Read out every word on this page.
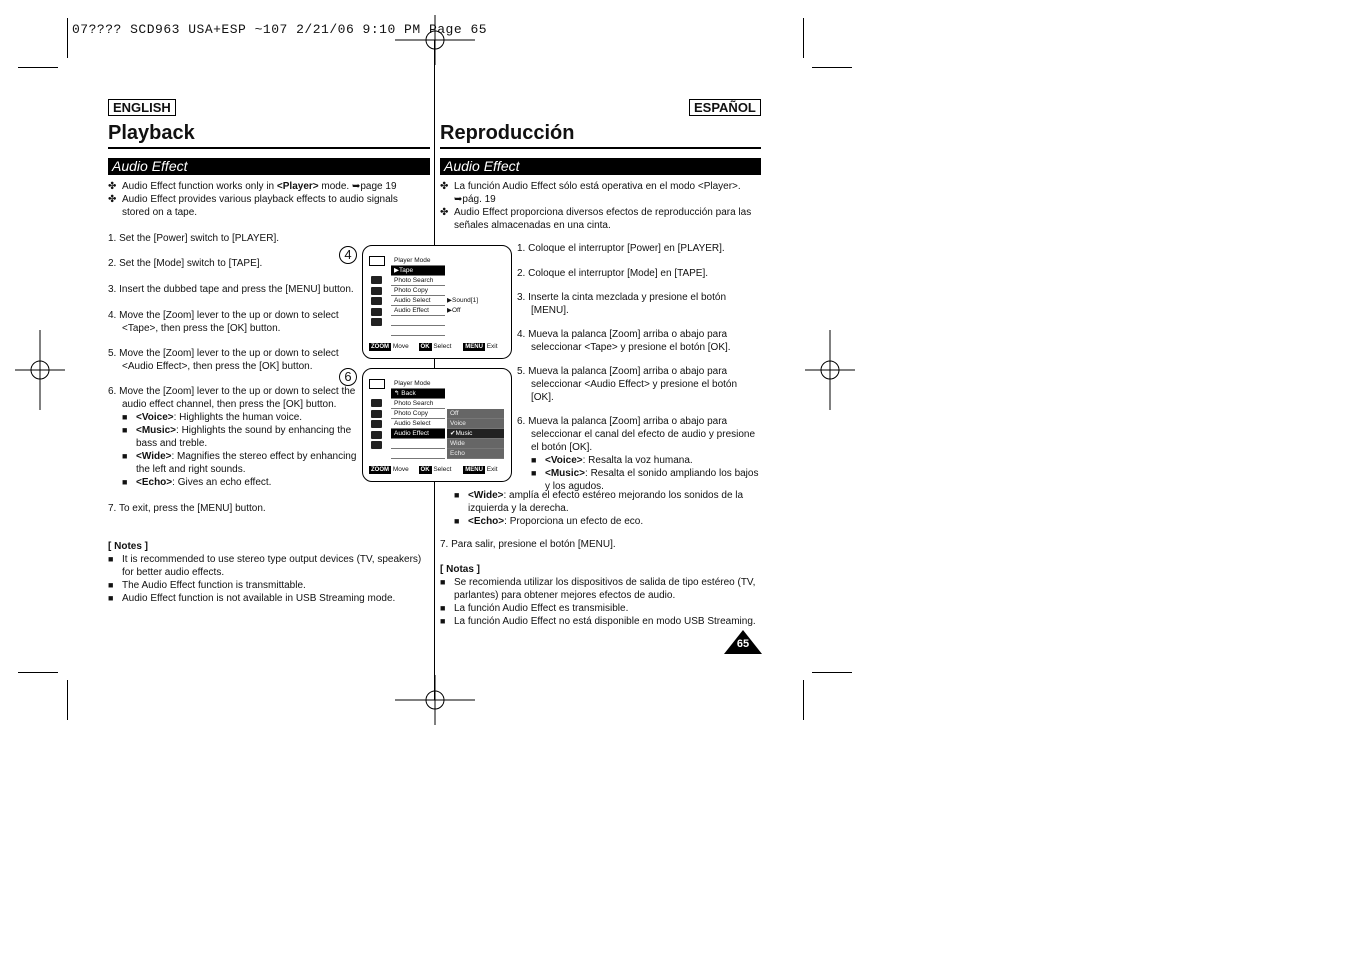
07???? SCD963 USA+ESP ~107 2/21/06 9:10 PM Page 65
ENGLISH
Playback
Audio Effect
✤ Audio Effect function works only in <Player> mode. ➥page 19
✤ Audio Effect provides various playback effects to audio signals stored on a tape.
1. Set the [Power] switch to [PLAYER].
2. Set the [Mode] switch to [TAPE].
3. Insert the dubbed tape and press the [MENU] button.
4. Move the [Zoom] lever to the up or down to select <Tape>, then press the [OK] button.
5. Move the [Zoom] lever to the up or down to select <Audio Effect>, then press the [OK] button.
6. Move the [Zoom] lever to the up or down to select the audio effect channel, then press the [OK] button.
■ <Voice>: Highlights the human voice.
■ <Music>: Highlights the sound by enhancing the bass and treble.
■ <Wide>: Magnifies the stereo effect by enhancing the left and right sounds.
■ <Echo>: Gives an echo effect.
7. To exit, press the [MENU] button.
[ Notes ]
■ It is recommended to use stereo type output devices (TV, speakers) for better audio effects.
■ The Audio Effect function is transmittable.
■ Audio Effect function is not available in USB Streaming mode.
ESPAÑOL
Reproducción
Audio Effect
✤ La función Audio Effect sólo está operativa en el modo <Player>. ➥pág. 19
✤ Audio Effect proporciona diversos efectos de reproducción para las señales almacenadas en una cinta.
1. Coloque el interruptor [Power] en [PLAYER].
2. Coloque el interruptor [Mode] en [TAPE].
3. Inserte la cinta mezclada y presione el botón [MENU].
4. Mueva la palanca [Zoom] arriba o abajo para seleccionar <Tape> y presione el botón [OK].
5. Mueva la palanca [Zoom] arriba o abajo para seleccionar <Audio Effect> y presione el botón [OK].
6. Mueva la palanca [Zoom] arriba o abajo para seleccionar el canal del efecto de audio y presione el botón [OK].
■ <Voice>: Resalta la voz humana.
■ <Music>: Resalta el sonido ampliando los bajos y los agudos.
■ <Wide>: amplía el efecto estéreo mejorando los sonidos de la izquierda y la derecha.
■ <Echo>: Proporciona un efecto de eco.
7. Para salir, presione el botón [MENU].
[ Notas ]
■ Se recomienda utilizar los dispositivos de salida de tipo estéreo (TV, parlantes) para obtener mejores efectos de audio.
■ La función Audio Effect es transmisible.
■ La función Audio Effect no está disponible en modo USB Streaming.
4	Player Mode
▶Tape
Photo Search
Photo Copy
Audio Select
Audio Effect
▶Sound[1]
▶Off
ZOOM Move OK Select MENU Exit
6	Player Mode
↰ Back
Photo Search
Photo Copy
Audio Select
Audio Effect
Off
Voice
✔Music
Wide
Echo
ZOOM Move OK Select MENU Exit
65
